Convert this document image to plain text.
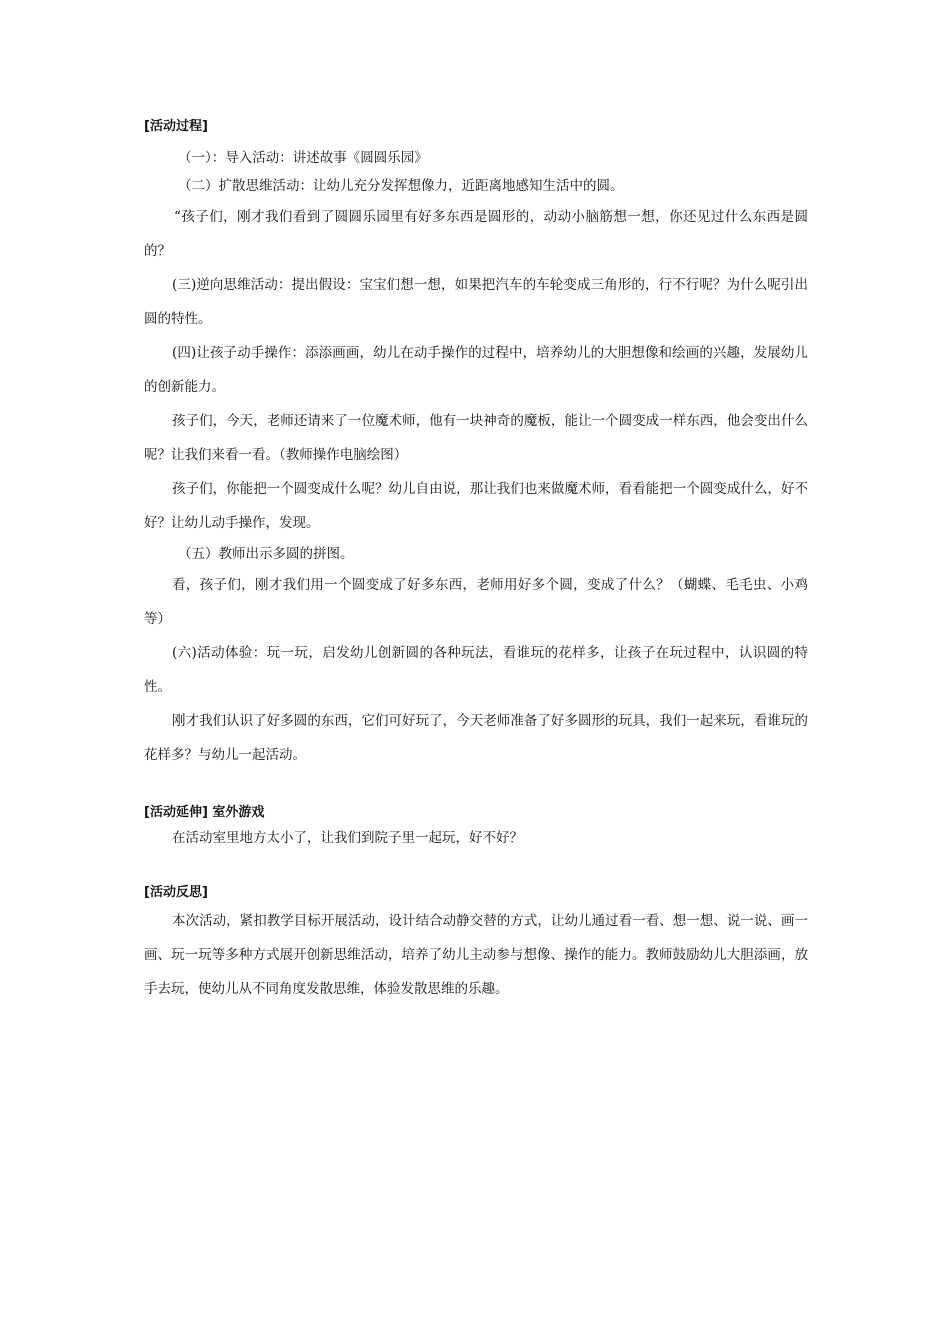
[活动过程]

（一）：导入活动：讲述故事《圆圆乐园》

（二）扩散思维活动：让幼儿充分发挥想像力，近距离地感知生活中的圆。

“孩子们，刚才我们看到了圆圆乐园里有好多东西是圆形的，动动小脑筋想一想，你还见过什么东西是圆的？

(三)逆向思维活动：提出假设：宝宝们想一想，如果把汽车的车轮变成三角形的，行不行呢？为什么呢引出圆的特性。

(四)让孩子动手操作：添添画画，幼儿在动手操作的过程中，培养幼儿的大胆想像和绘画的兴趣，发展幼儿的创新能力。

孩子们，今天，老师还请来了一位魔术师，他有一块神奇的魔板，能让一个圆变成一样东西，他会变出什么呢？让我们来看一看。（教师操作电脑绘图）

孩子们，你能把一个圆变成什么呢？幼儿自由说，那让我们也来做魔术师，看看能把一个圆变成什么，好不好？让幼儿动手操作，发现。

（五）教师出示多圆的拼图。

看，孩子们，刚才我们用一个圆变成了好多东西，老师用好多个圆，变成了什么？（蝴蝶、毛毛虫、小鸡等）

(六)活动体验：玩一玩，启发幼儿创新圆的各种玩法，看谁玩的花样多，让孩子在玩过程中，认识圆的特性。

刚才我们认识了好多圆的东西，它们可好玩了，今天老师准备了好多圆形的玩具，我们一起来玩，看谁玩的花样多？与幼儿一起活动。

[活动延伸] 室外游戏

在活动室里地方太小了，让我们到院子里一起玩，好不好？

[活动反思]

本次活动，紧扣教学目标开展活动，设计结合动静交替的方式，让幼儿通过看一看、想一想、说一说、画一画、玩一玩等多种方式展开创新思维活动，培养了幼儿主动参与想像、操作的能力。教师鼓励幼儿大胆添画，放手去玩，使幼儿从不同角度发散思维，体验发散思维的乐趣。
